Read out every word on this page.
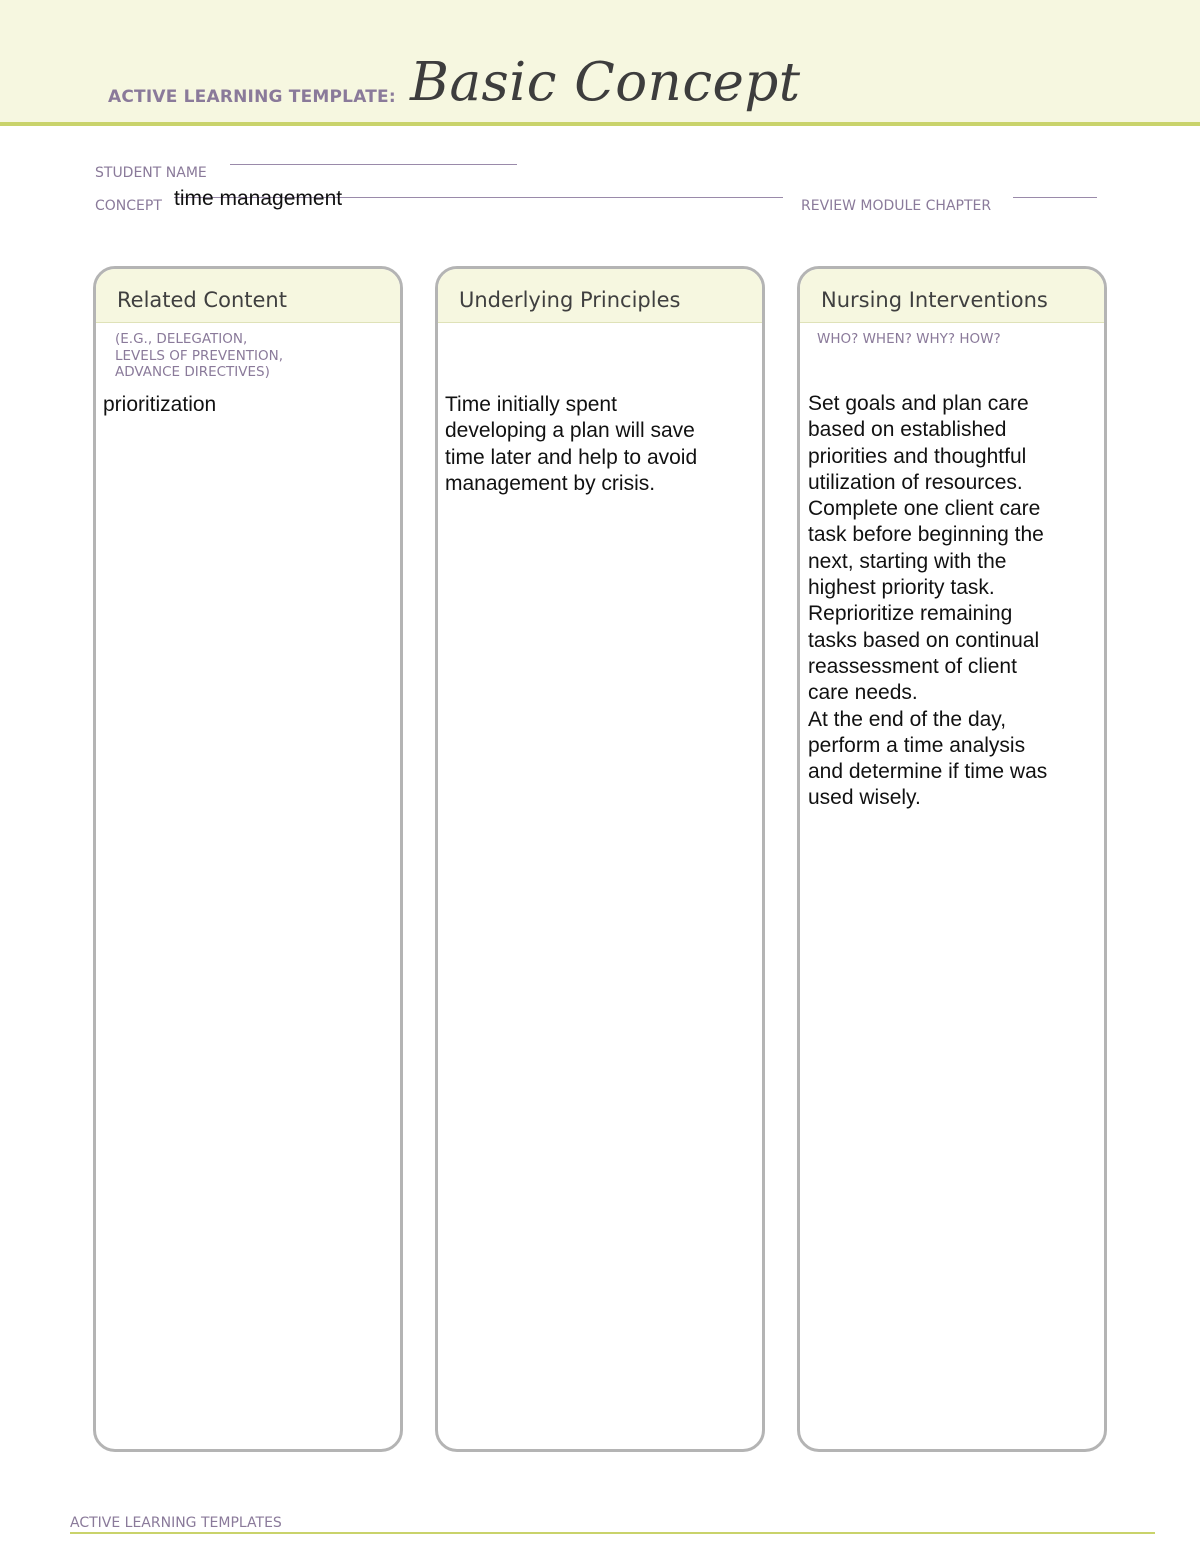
ACTIVE LEARNING TEMPLATE: Basic Concept
STUDENT NAME
CONCEPT time management	REVIEW MODULE CHAPTER
Related Content
(E.G., DELEGATION,
LEVELS OF PREVENTION,
ADVANCE DIRECTIVES)
prioritization
Underlying Principles
Time initially spent
developing a plan will save
time later and help to avoid
management by crisis.
Nursing Interventions
WHO? WHEN? WHY? HOW?
Set goals and plan care
based on established
priorities and thoughtful
utilization of resources.
Complete one client care
task before beginning the
next, starting with the
highest priority task.
Reprioritize remaining
tasks based on continual
reassessment of client
care needs.
At the end of the day,
perform a time analysis
and determine if time was
used wisely.
ACTIVE LEARNING TEMPLATES
